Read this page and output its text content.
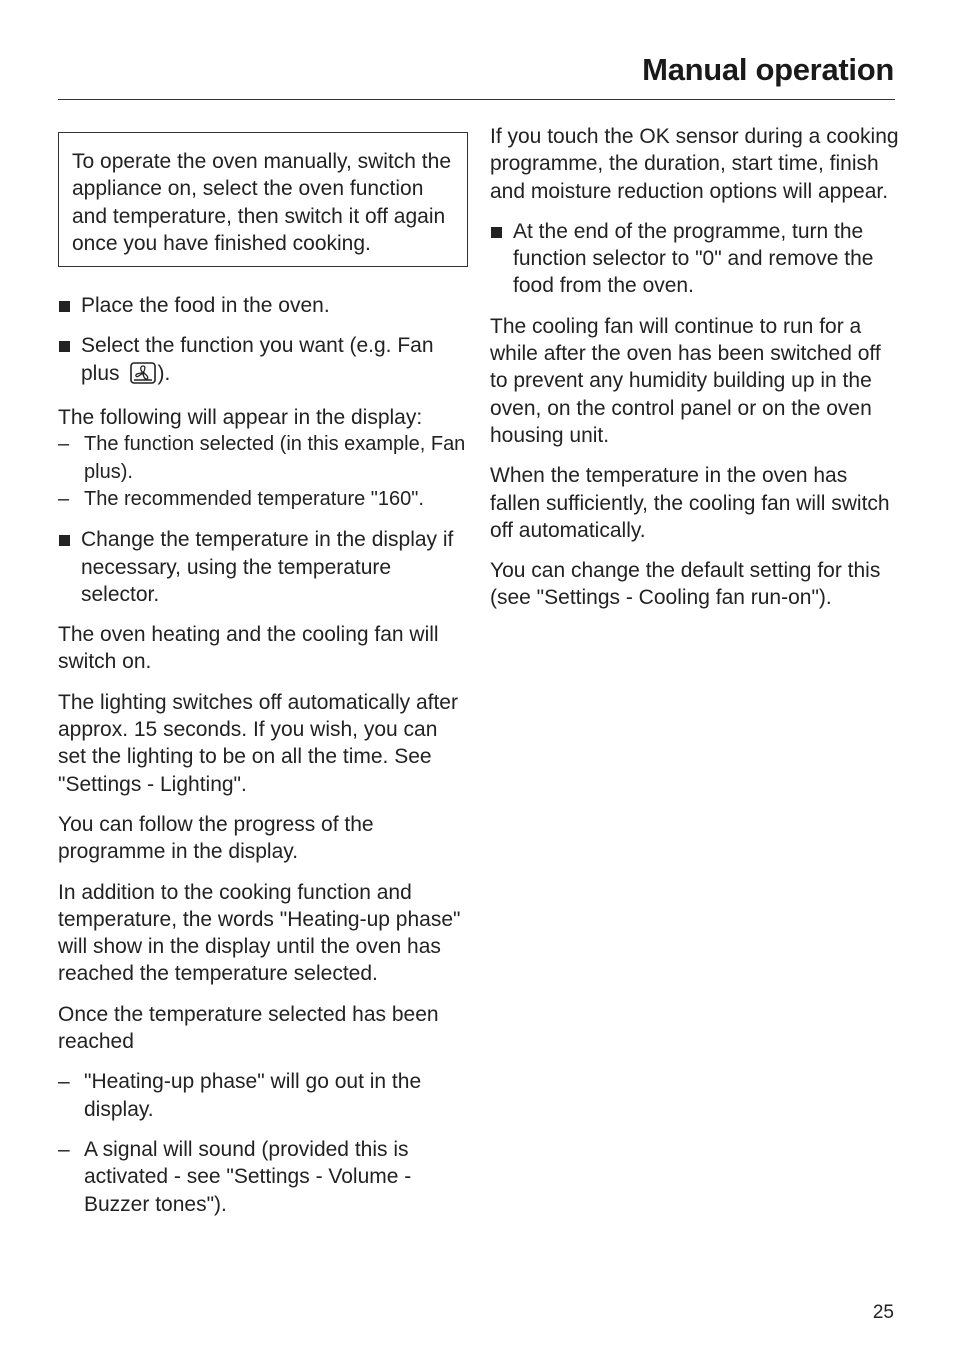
Manual operation

To operate the oven manually, switch the appliance on, select the oven function and temperature, then switch it off again once you have finished cooking.

Place the food in the oven.
Select the function you want (e.g. Fan plus ).

The following will appear in the display:

– The function selected (in this example, Fan plus).
– The recommended temperature "160".
Change the temperature in the display if necessary, using the temperature selector.

The oven heating and the cooling fan will switch on.

The lighting switches off automatically after approx. 15 seconds. If you wish, you can set the lighting to be on all the time. See "Settings - Lighting".

You can follow the progress of the programme in the display.

In addition to the cooking function and temperature, the words "Heating-up phase" will show in the display until the oven has reached the temperature selected.

Once the temperature selected has been reached

– "Heating-up phase" will go out in the display.
– A signal will sound (provided this is activated - see "Settings - Volume - Buzzer tones").

If you touch the OK sensor during a cooking programme, the duration, start time, finish and moisture reduction options will appear.

At the end of the programme, turn the function selector to "0" and remove the food from the oven.

The cooling fan will continue to run for a while after the oven has been switched off to prevent any humidity building up in the oven, on the control panel or on the oven housing unit.

When the temperature in the oven has fallen sufficiently, the cooling fan will switch off automatically.

You can change the default setting for this (see "Settings - Cooling fan run-on").

25
